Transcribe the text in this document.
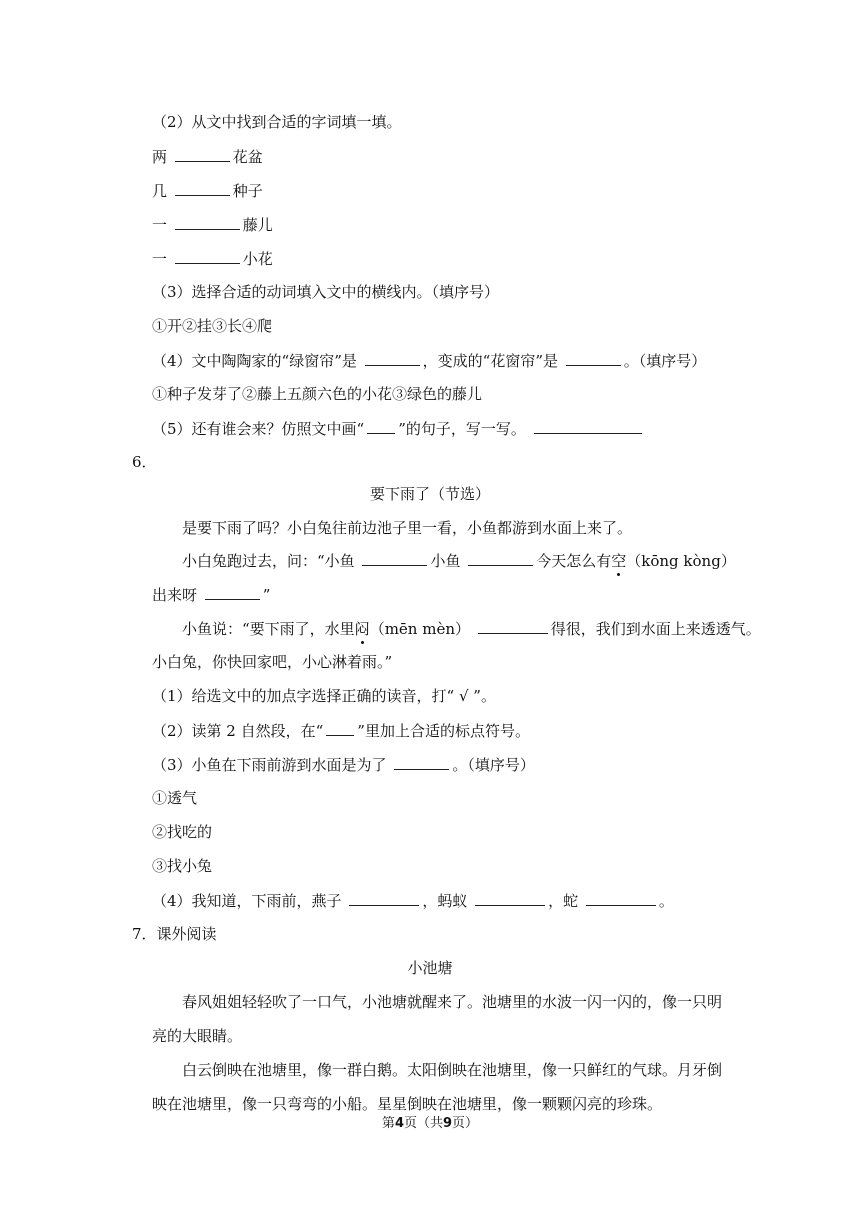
（2）从文中找到合适的字词填一填。
两	花盆
几	种子
一	藤儿
一	小花
（3）选择合适的动词填入文中的横线内。（填序号）
①开②挂③长④爬
（4）文中陶陶家的“绿窗帘”是	，变成的“花窗帘”是	。（填序号）
①种子发芽了②藤上五颜六色的小花③绿色的藤儿
（5）还有谁会来？仿照文中画“ ”的句子，写一写。
6．
要下雨了（节选）
是要下雨了吗？小白兔往前边池子里一看，小鱼都游到水面上来了。
小白兔跑过去，问：“小鱼	小鱼	今天怎么有空（kōng kòng）
出来呀	”
小鱼说：“要下雨了，水里闷（mēn mèn）	得很，我们到水面上来透透气。
小白兔，你快回家吧，小心淋着雨。”
（1）给选文中的加点字选择正确的读音，打“ √ ”。
（2）读第 2 自然段，在“ ”里加上合适的标点符号。
（3）小鱼在下雨前游到水面是为了	。（填序号）
①透气
②找吃的
③找小兔
（4）我知道，下雨前，燕子	，蚂蚁	，蛇	。
7．课外阅读
小池塘
春风姐姐轻轻吹了一口气，小池塘就醒来了。池塘里的水波一闪一闪的，像一只明
亮的大眼睛。
白云倒映在池塘里，像一群白鹅。太阳倒映在池塘里，像一只鲜红的气球。月牙倒
映在池塘里，像一只弯弯的小船。星星倒映在池塘里，像一颗颗闪亮的珍珠。
第4页（共9页）
